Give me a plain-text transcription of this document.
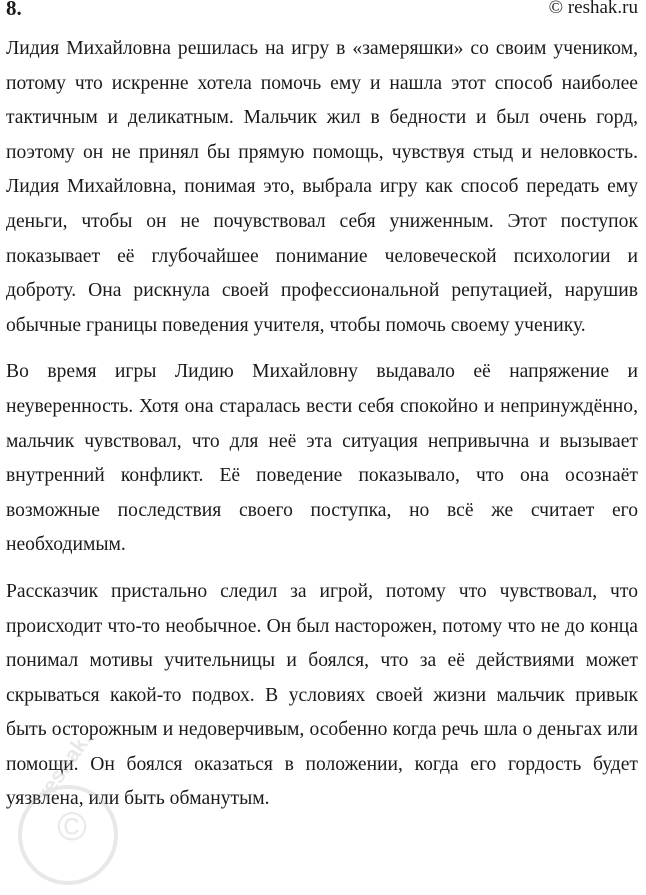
8.	© reshak.ru

Лидия Михайловна решилась на игру в «замеряшки» со своим учеником, потому что искренне хотела помочь ему и нашла этот способ наиболее тактичным и деликатным. Мальчик жил в бедности и был очень горд, поэтому он не принял бы прямую помощь, чувствуя стыд и неловкость. Лидия Михайловна, понимая это, выбрала игру как способ передать ему деньги, чтобы он не почувствовал себя униженным. Этот поступок показывает её глубочайшее понимание человеческой психологии и доброту. Она рискнула своей профессиональной репутацией, нарушив обычные границы поведения учителя, чтобы помочь своему ученику.

Во время игры Лидию Михайловну выдавало её напряжение и неуверенность. Хотя она старалась вести себя спокойно и непринуждённо, мальчик чувствовал, что для неё эта ситуация непривычна и вызывает внутренний конфликт. Её поведение показывало, что она осознаёт возможные последствия своего поступка, но всё же считает его необходимым.

Рассказчик пристально следил за игрой, потому что чувствовал, что происходит что-то необычное. Он был насторожен, потому что не до конца понимал мотивы учительницы и боялся, что за её действиями может скрываться какой-то подвох. В условиях своей жизни мальчик привык быть осторожным и недоверчивым, особенно когда речь шла о деньгах или помощи. Он боялся оказаться в положении, когда его гордость будет уязвлена, или быть обманутым.

©
reshak.ru
